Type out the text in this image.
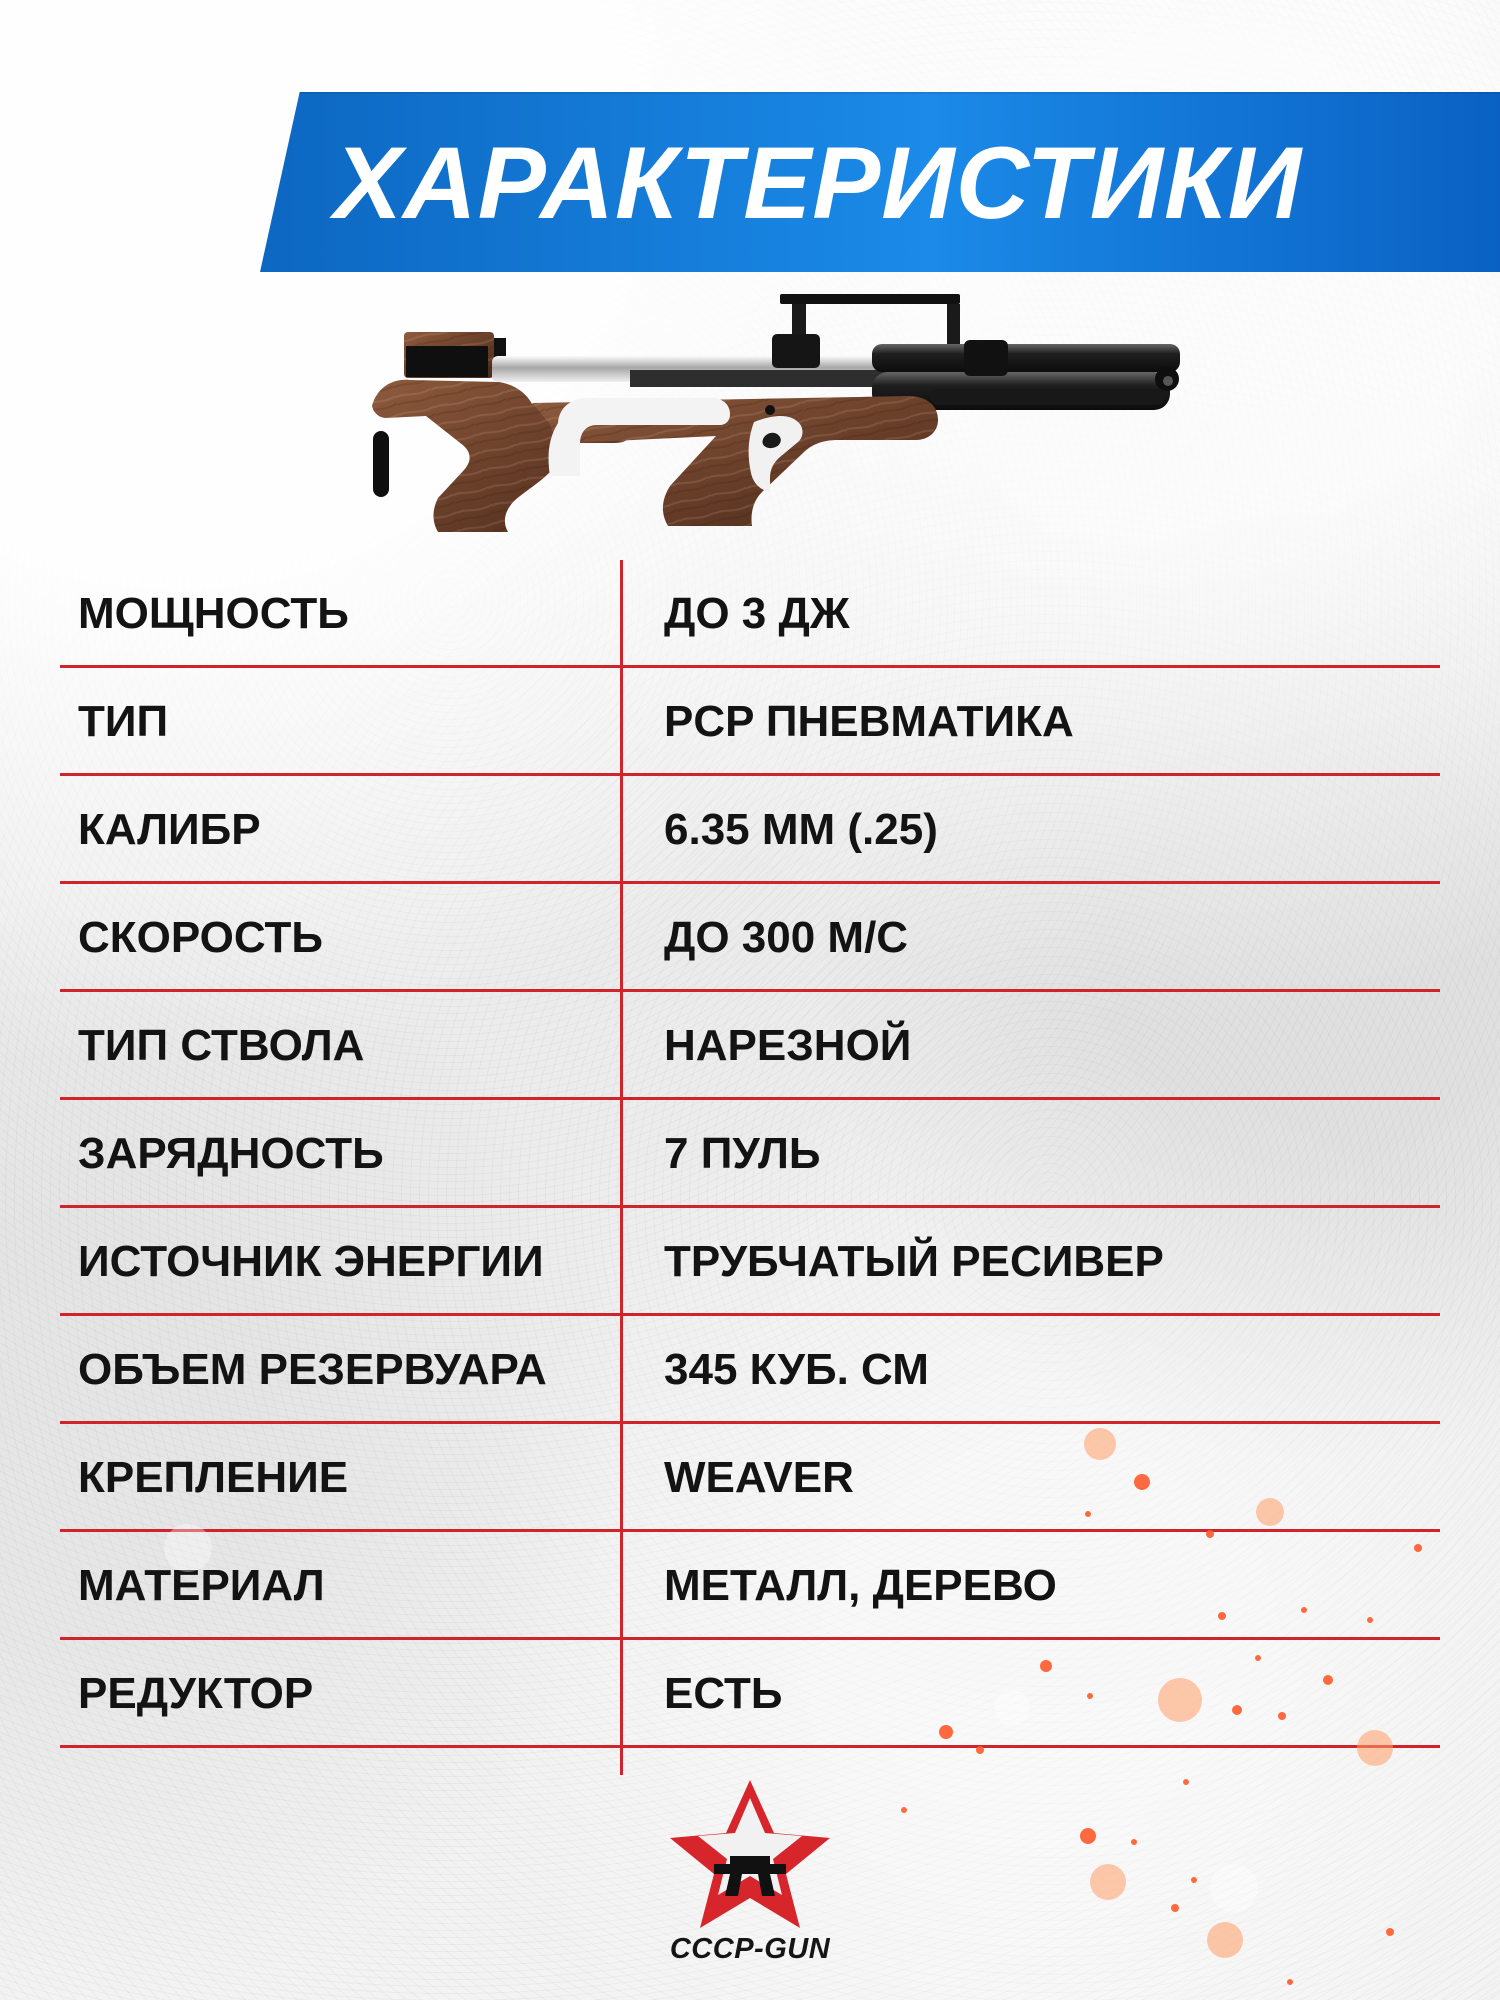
ХАРАКТЕРИСТИКИ
МОЩНОСТЬ	ДО 3 ДЖ
ТИП	PCP ПНЕВМАТИКА
КАЛИБР	6.35 ММ (.25)
СКОРОСТЬ	ДО 300 М/С
ТИП СТВОЛА	НАРЕЗНОЙ
ЗАРЯДНОСТЬ	7 ПУЛЬ
ИСТОЧНИК ЭНЕРГИИ	ТРУБЧАТЫЙ РЕСИВЕР
ОБЪЕМ РЕЗЕРВУАРА	345 КУБ. СМ
КРЕПЛЕНИЕ	WEAVER
МАТЕРИАЛ	МЕТАЛЛ, ДЕРЕВО
РЕДУКТОР	ЕСТЬ
CCCP-GUN
